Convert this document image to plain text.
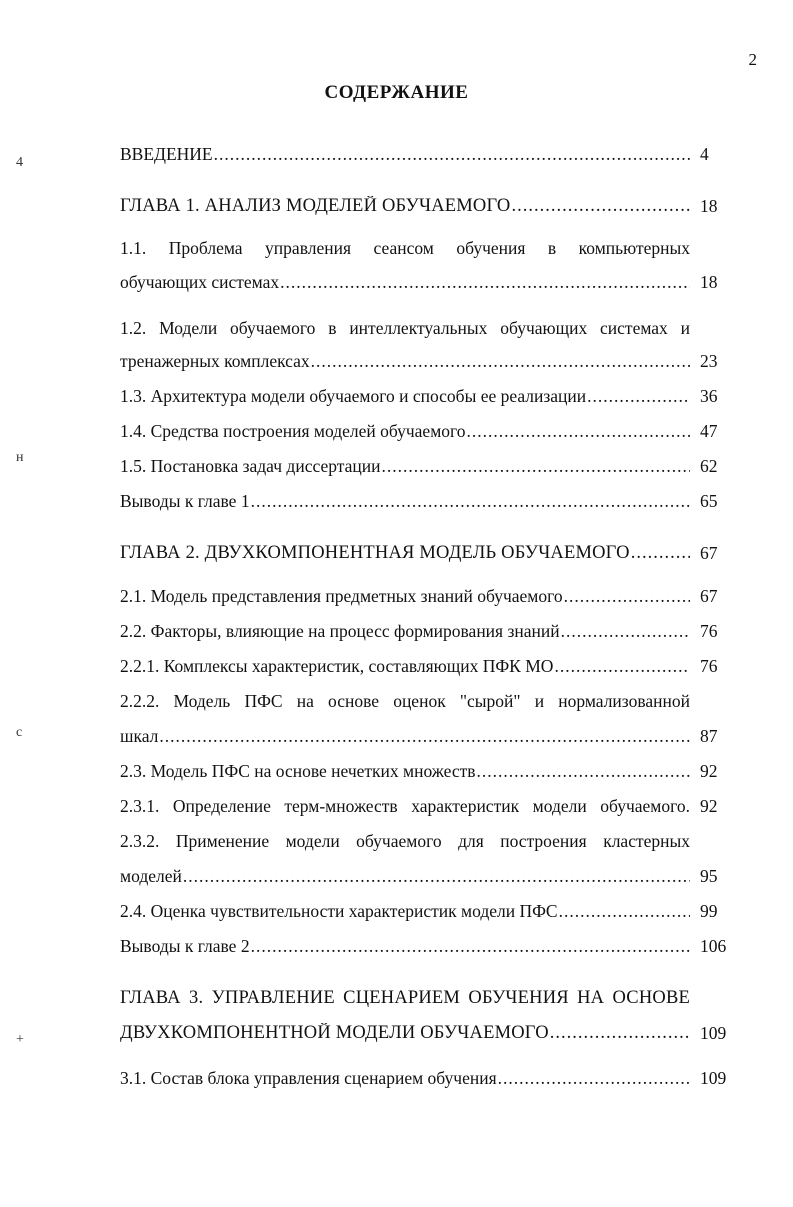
2
СОДЕРЖАНИЕ
4
н
с
+
ВВЕДЕНИЕ .....	4
ГЛАВА 1. АНАЛИЗ МОДЕЛЕЙ ОБУЧАЕМОГО .....	18
1.1. Проблема управления сеансом обучения в компьютерных
обучающих системах .....	18
1.2. Модели обучаемого в интеллектуальных обучающих системах и
тренажерных комплексах .....	23
1.3. Архитектура модели обучаемого и способы ее реализации .....	36
1.4. Средства построения моделей обучаемого .....	47
1.5. Постановка задач диссертации .....	62
Выводы к главе 1 .....	65
ГЛАВА 2. ДВУХКОМПОНЕНТНАЯ МОДЕЛЬ ОБУЧАЕМОГО .....	67
2.1. Модель представления предметных знаний обучаемого .....	67
2.2. Факторы, влияющие на процесс формирования знаний .....	76
2.2.1. Комплексы характеристик, составляющих ПФК МО .....	76
2.2.2. Модель ПФС на основе оценок "сырой" и нормализованной
шкал .....	87
2.3. Модель ПФС на основе нечетких множеств .....	92
2.3.1. Определение терм-множеств характеристик модели обучаемого. 92
2.3.2. Применение модели обучаемого для построения кластерных
моделей .....	95
2.4. Оценка чувствительности характеристик модели ПФС .....	99
Выводы к главе 2 .....	106
ГЛАВА 3. УПРАВЛЕНИЕ СЦЕНАРИЕМ ОБУЧЕНИЯ НА ОСНОВЕ
ДВУХКОМПОНЕНТНОЙ МОДЕЛИ ОБУЧАЕМОГО .....	109
3.1. Состав блока управления сценарием обучения .....	109
